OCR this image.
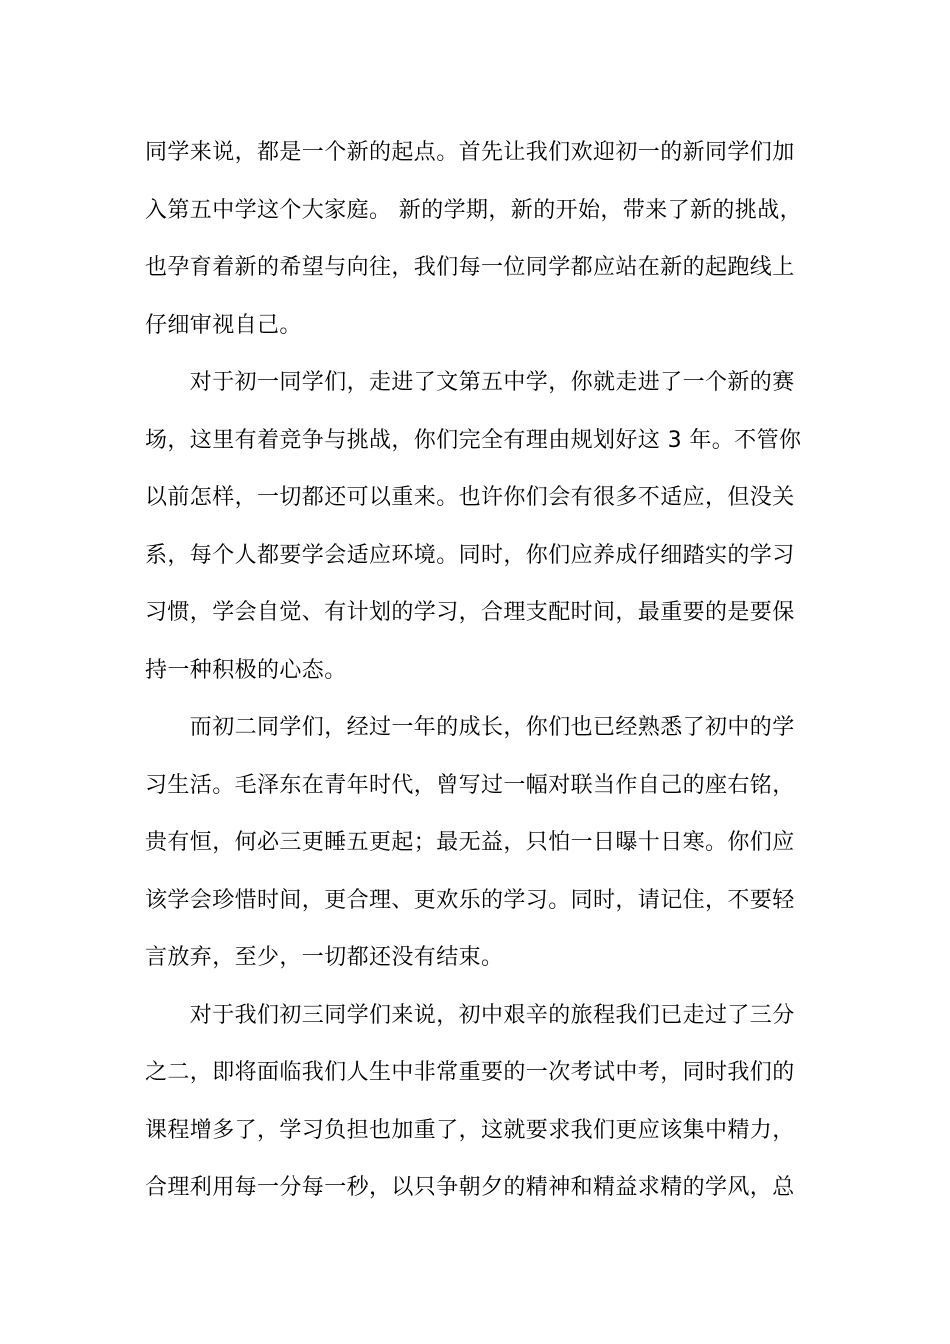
同学来说，都是一个新的起点。首先让我们欢迎初一的新同学们加
入第五中学这个大家庭。 新的学期，新的开始，带来了新的挑战，
也孕育着新的希望与向往，我们每一位同学都应站在新的起跑线上
仔细审视自己。
　　对于初一同学们，走进了文第五中学，你就走进了一个新的赛
场，这里有着竞争与挑战，你们完全有理由规划好这 3 年。不管你
以前怎样，一切都还可以重来。也许你们会有很多不适应，但没关
系，每个人都要学会适应环境。同时，你们应养成仔细踏实的学习
习惯，学会自觉、有计划的学习，合理支配时间，最重要的是要保
持一种积极的心态。
　　而初二同学们，经过一年的成长，你们也已经熟悉了初中的学
习生活。毛泽东在青年时代，曾写过一幅对联当作自己的座右铭，
贵有恒，何必三更睡五更起；最无益，只怕一日曝十日寒。你们应
该学会珍惜时间，更合理、更欢乐的学习。同时，请记住，不要轻
言放弃，至少，一切都还没有结束。
　　对于我们初三同学们来说，初中艰辛的旅程我们已走过了三分
之二，即将面临我们人生中非常重要的一次考试中考，同时我们的
课程增多了，学习负担也加重了，这就要求我们更应该集中精力，
合理利用每一分每一秒，以只争朝夕的精神和精益求精的学风，总
